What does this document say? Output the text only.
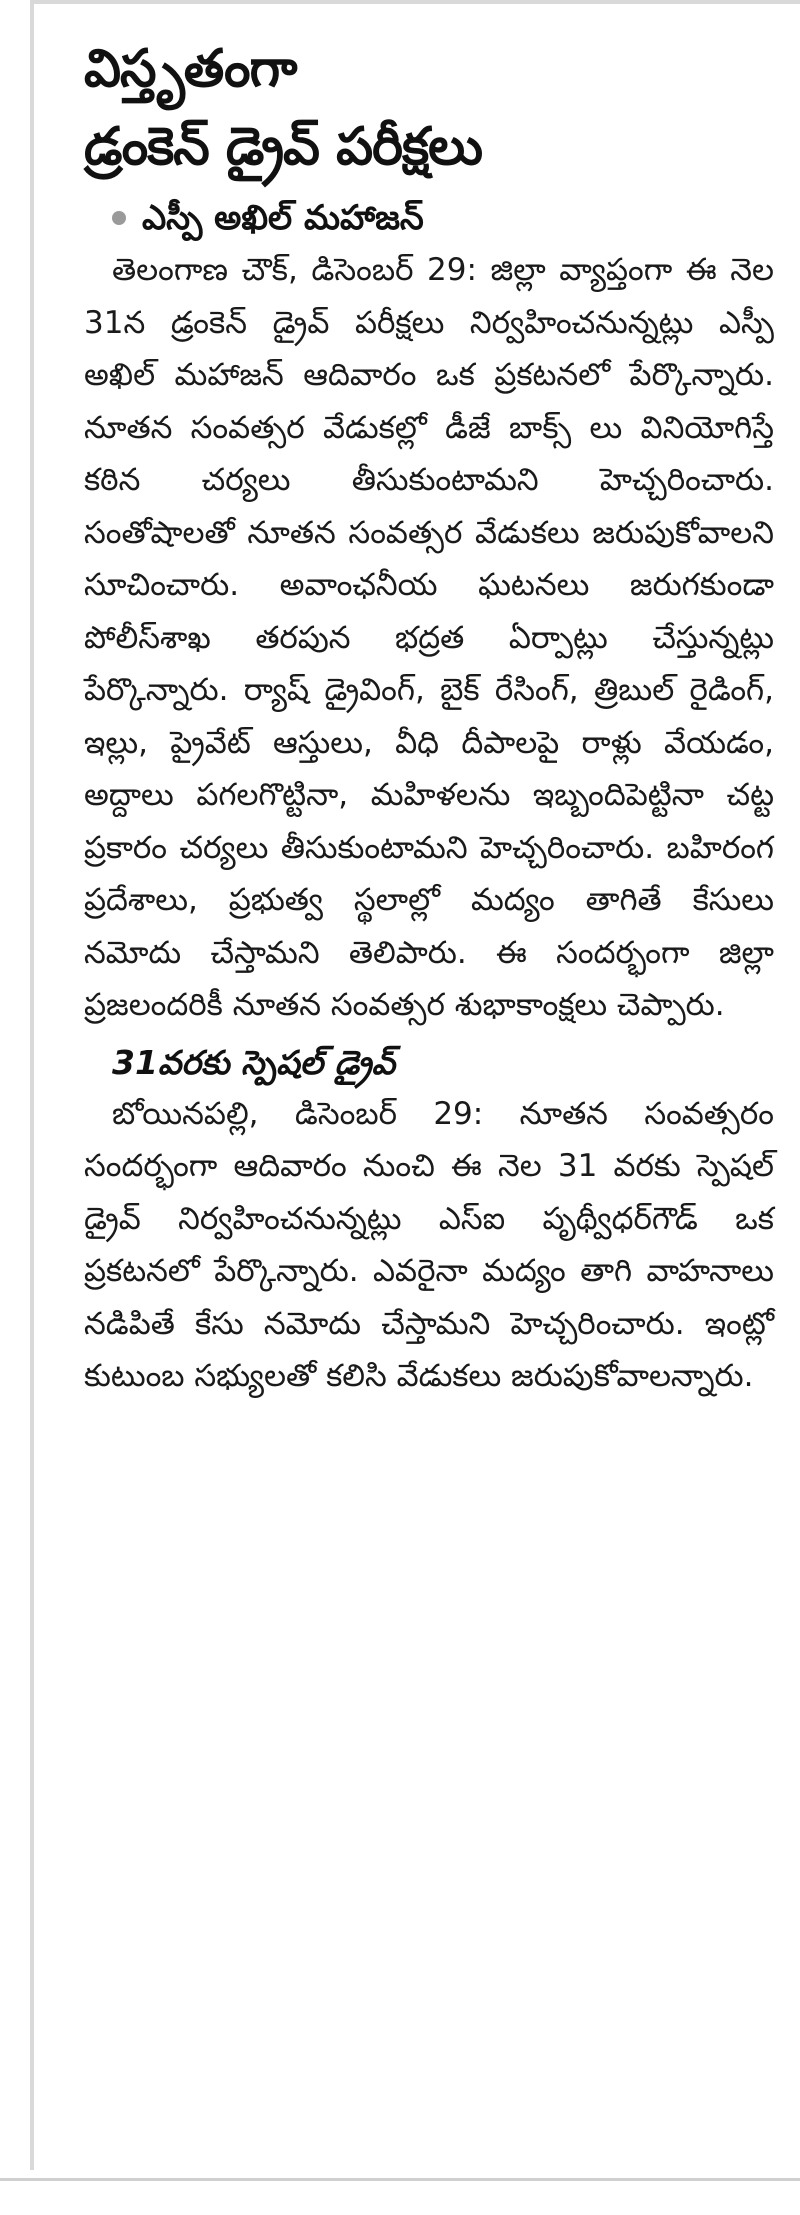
విస్తృతంగా
డ్రంకెన్ డ్రైవ్ పరీక్షలు
ఎస్పీ అఖిల్ మహాజన్

తెలంగాణ చౌక్, డిసెంబర్ 29: జిల్లా వ్యాప్తంగా ఈ నెల 31న డ్రంకెన్ డ్రైవ్ పరీక్షలు నిర్వహించనున్నట్లు ఎస్పీ అఖిల్ మహాజన్ ఆదివారం ఒక ప్రకటనలో పేర్కొన్నారు. నూతన సంవత్సర వేడుకల్లో డీజే బాక్స్ లు వినియోగిస్తే కఠిన చర్యలు తీసుకుంటామని హెచ్చరించారు. సంతోషాలతో నూతన సంవత్సర వేడుకలు జరుపుకోవాలని సూచించారు. అవాంఛనీయ ఘటనలు జరుగకుండా పోలీస్‌శాఖ తరపున భద్రత ఏర్పాట్లు చేస్తున్నట్లు పేర్కొన్నారు. ర్యాష్ డ్రైవింగ్, బైక్ రేసింగ్, త్రిబుల్ రైడింగ్, ఇల్లు, ప్రైవేట్ ఆస్తులు, వీధి దీపాలపై రాళ్లు వేయడం, అద్దాలు పగలగొట్టినా, మహిళలను ఇబ్బందిపెట్టినా చట్ట ప్రకారం చర్యలు తీసుకుంటామని హెచ్చరించారు. బహిరంగ ప్రదేశాలు, ప్రభుత్వ స్థలాల్లో మద్యం తాగితే కేసులు నమోదు చేస్తామని తెలిపారు. ఈ సందర్భంగా జిల్లా ప్రజలందరికీ నూతన సంవత్సర శుభాకాంక్షలు చెప్పారు.

31వరకు స్పెషల్ డ్రైవ్

బోయినపల్లి, డిసెంబర్ 29: నూతన సంవత్సరం సందర్భంగా ఆదివారం నుంచి ఈ నెల 31 వరకు స్పెషల్ డ్రైవ్ నిర్వహించనున్నట్లు ఎస్ఐ పృథ్వీధర్‌గౌడ్ ఒక ప్రకటనలో పేర్కొన్నారు. ఎవరైనా మద్యం తాగి వాహనాలు నడిపితే కేసు నమోదు చేస్తామని హెచ్చరించారు. ఇంట్లో కుటుంబ సభ్యులతో కలిసి వేడుకలు జరుపుకోవాలన్నారు.
